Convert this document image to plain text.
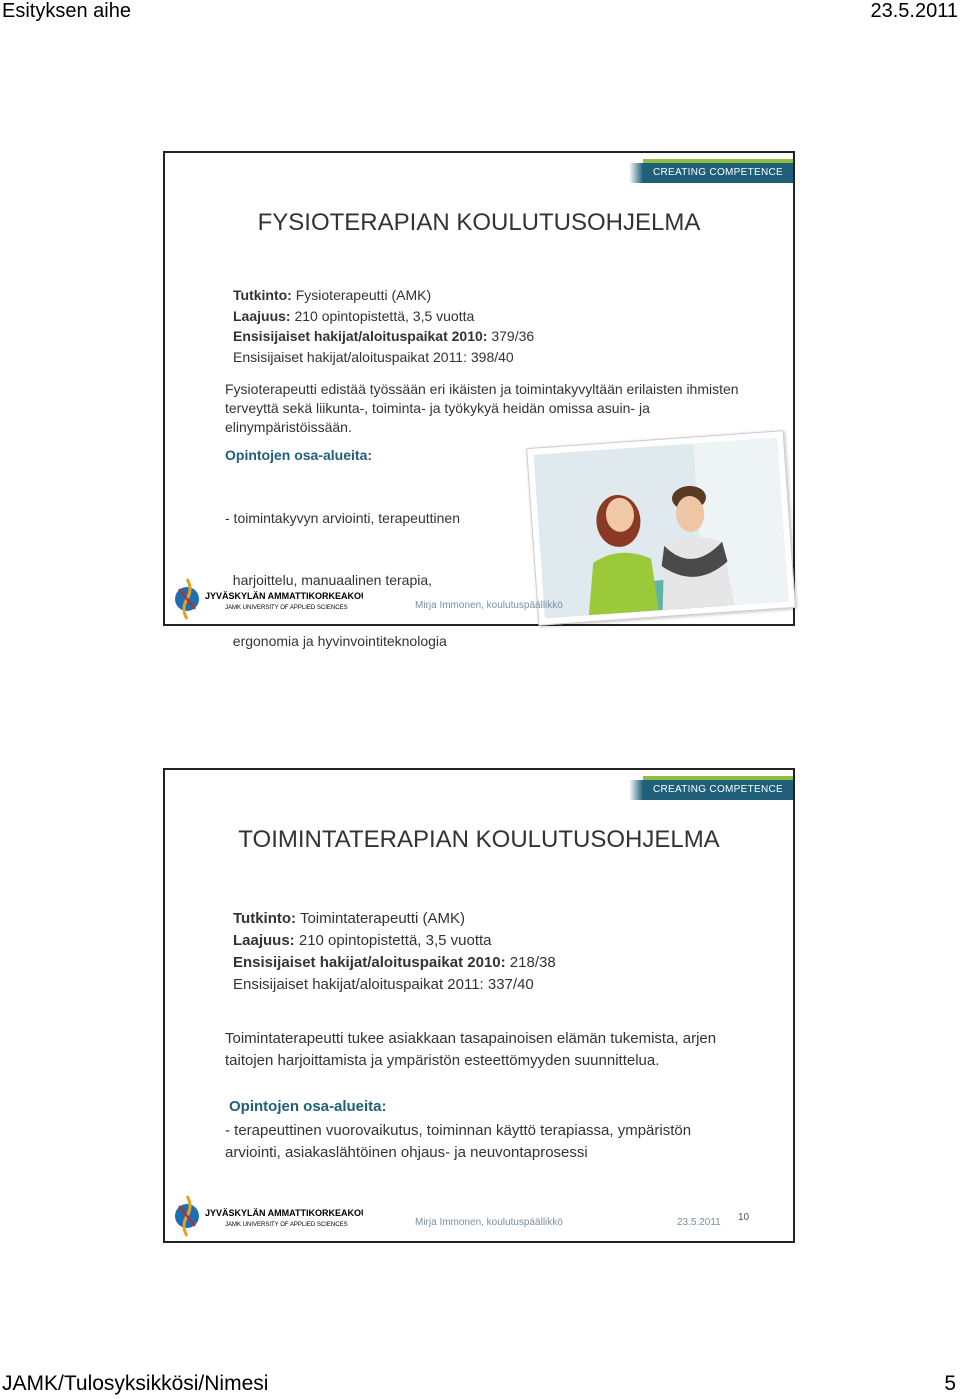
Esityksen aihe	23.5.2011
CREATING COMPETENCE
FYSIOTERAPIAN KOULUTUSOHJELMA
Tutkinto: Fysioterapeutti (AMK)
Laajuus: 210 opintopistettä, 3,5 vuotta
Ensisijaiset hakijat/aloituspaikat 2010: 379/36
Ensisijaiset hakijat/aloituspaikat 2011: 398/40
Fysioterapeutti edistää työssään eri ikäisten ja toimintakyvyltään erilaisten ihmisten terveyttä sekä liikunta-, toiminta- ja työkykyä heidän omissa asuin- ja elinympäristöissään.
Opintojen osa-alueita:

- toimintakyvyn arviointi, terapeuttinen

harjoittelu, manuaalinen terapia,

ergonomia ja hyvinvointiteknologia

JYVÄSKYLÄN AMMATTIKORKEAKOULU
JAMK UNIVERSITY OF APPLIED SCIENCES	Mirja Immonen, koulutuspäällikkö
CREATING COMPETENCE
TOIMINTATERAPIAN KOULUTUSOHJELMA
Tutkinto: Toimintaterapeutti (AMK)
Laajuus: 210 opintopistettä, 3,5 vuotta
Ensisijaiset hakijat/aloituspaikat 2010: 218/38
Ensisijaiset hakijat/aloituspaikat 2011: 337/40
Toimintaterapeutti tukee asiakkaan tasapainoisen elämän tukemista, arjen
taitojen harjoittamista ja ympäristön esteettömyyden suunnittelua.
Opintojen osa-alueita:
- terapeuttinen vuorovaikutus, toiminnan käyttö terapiassa, ympäristön
arviointi, asiakaslähtöinen ohjaus- ja neuvontaprosessi
JYVÄSKYLÄN AMMATTIKORKEAKOULU
JAMK UNIVERSITY OF APPLIED SCIENCES	Mirja Immonen, koulutuspäällikkö	23.5.2011 10
JAMK/Tulosyksikkösi/Nimesi	5
